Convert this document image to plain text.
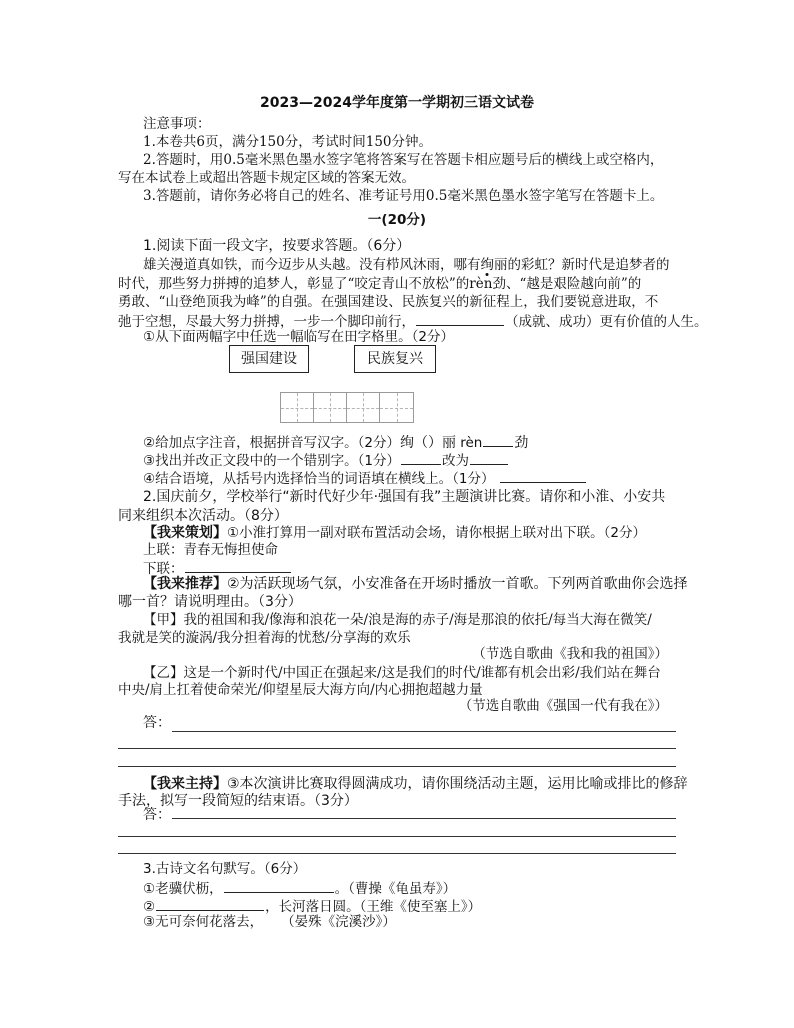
2023—2024学年度第一学期初三语文试卷
注意事项：
1.本卷共6页，满分150分，考试时间150分钟。
2.答题时，用0.5毫米黑色墨水签字笔将答案写在答题卡相应题号后的横线上或空格内，
写在本试卷上或超出答题卡规定区域的答案无效。
3.答题前，请你务必将自己的姓名、准考证号用0.5毫米黑色墨水签字笔写在答题卡上。
一(20分)
1.阅读下面一段文字，按要求答题。（6分）
雄关漫道真如铁，而今迈步从头越。没有栉风沐雨，哪有绚丽的彩虹？新时代是追梦者的
时代，那些努力拼搏的追梦人，彰显了“咬定青山不放松”的rèn劲、“越是艰险越向前”的
勇敢、“山登绝顶我为峰”的自强。在强国建设、民族复兴的新征程上，我们要锐意进取，不
弛于空想，尽最大努力拼搏，一步一个脚印前行，	（成就、成功）更有价值的人生。
①从下面两幅字中任选一幅临写在田字格里。（2分）
强国建设	民族复兴
②给加点字注音，根据拼音写汉字。（2分）绚（）丽 rèn 劲
③找出并改正文段中的一个错别字。（1分）	改为
④结合语境，从括号内选择恰当的词语填在横线上。（1分）
2.国庆前夕，学校举行“新时代好少年·强国有我”主题演讲比赛。请你和小淮、小安共
同来组织本次活动。（8分）
【我来策划】①小淮打算用一副对联布置活动会场，请你根据上联对出下联。（2分）
上联：青春无悔担使命
下联：
【我来推荐】②为活跃现场气氛，小安准备在开场时播放一首歌。下列两首歌曲你会选择
哪一首？请说明理由。（3分）
【甲】我的祖国和我/像海和浪花一朵/浪是海的赤子/海是那浪的依托/每当大海在微笑/
我就是笑的漩涡/我分担着海的忧愁/分享海的欢乐
（节选自歌曲《我和我的祖国》）
【乙】这是一个新时代/中国正在强起来/这是我们的时代/谁都有机会出彩/我们站在舞台
中央/肩上扛着使命荣光/仰望星辰大海方向/内心拥抱超越力量
（节选自歌曲《强国一代有我在》）
答：
【我来主持】③本次演讲比赛取得圆满成功，请你围绕活动主题，运用比喻或排比的修辞
手法，拟写一段简短的结束语。（3分）
答：
3.古诗文名句默写。（6分）
①老骥伏枥，	。（曹操《龟虽寿》）
②	，长河落日圆。（王维《使至塞上》）
③无可奈何花落去， （晏殊《浣溪沙》）
